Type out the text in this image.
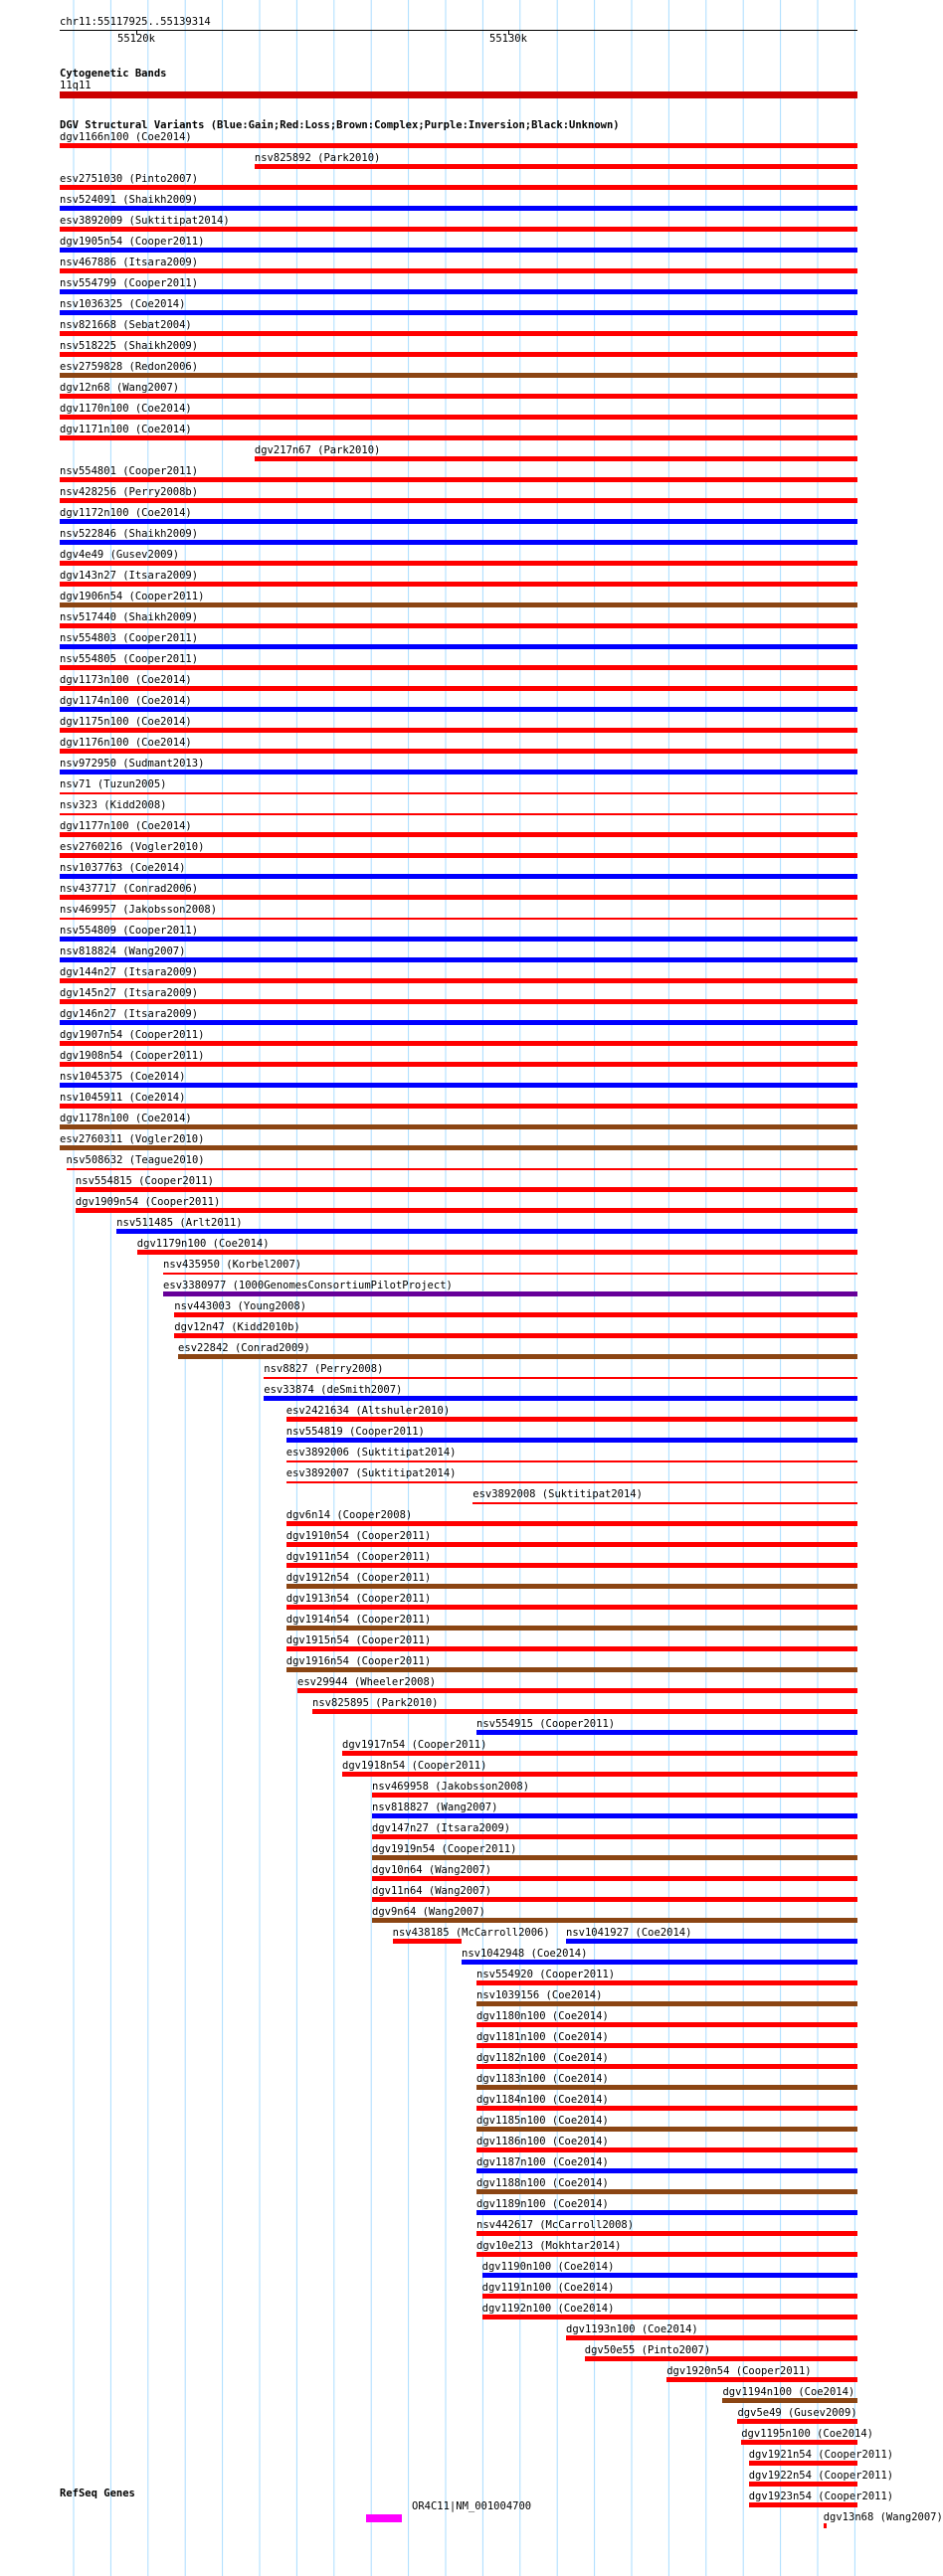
chr11:55117925..55139314
55120k	55130k
Cytogenetic Bands
11q11
DGV Structural Variants (Blue:Gain;Red:Loss;Brown:Complex;Purple:Inversion;Black:Unknown)
dgv1166n100 (Coe2014)
nsv825892 (Park2010)
esv2751030 (Pinto2007)
nsv524091 (Shaikh2009)
esv3892009 (Suktitipat2014)
dgv1905n54 (Cooper2011)
nsv467886 (Itsara2009)
nsv554799 (Cooper2011)
nsv1036325 (Coe2014)
nsv821668 (Sebat2004)
nsv518225 (Shaikh2009)
esv2759828 (Redon2006)
dgv12n68 (Wang2007)
dgv1170n100 (Coe2014)
dgv1171n100 (Coe2014)
dgv217n67 (Park2010)
nsv554801 (Cooper2011)
nsv428256 (Perry2008b)
dgv1172n100 (Coe2014)
nsv522846 (Shaikh2009)
dgv4e49 (Gusev2009)
dgv143n27 (Itsara2009)
dgv1906n54 (Cooper2011)
nsv517440 (Shaikh2009)
nsv554803 (Cooper2011)
nsv554805 (Cooper2011)
dgv1173n100 (Coe2014)
dgv1174n100 (Coe2014)
dgv1175n100 (Coe2014)
dgv1176n100 (Coe2014)
nsv972950 (Sudmant2013)
nsv71 (Tuzun2005)
nsv323 (Kidd2008)
dgv1177n100 (Coe2014)
esv2760216 (Vogler2010)
nsv1037763 (Coe2014)
nsv437717 (Conrad2006)
nsv469957 (Jakobsson2008)
nsv554809 (Cooper2011)
nsv818824 (Wang2007)
dgv144n27 (Itsara2009)
dgv145n27 (Itsara2009)
dgv146n27 (Itsara2009)
dgv1907n54 (Cooper2011)
dgv1908n54 (Cooper2011)
nsv1045375 (Coe2014)
nsv1045911 (Coe2014)
dgv1178n100 (Coe2014)
esv2760311 (Vogler2010)
nsv508632 (Teague2010)
nsv554815 (Cooper2011)
dgv1909n54 (Cooper2011)
nsv511485 (Arlt2011)
dgv1179n100 (Coe2014)
nsv435950 (Korbel2007)
esv3380977 (1000GenomesConsortiumPilotProject)
nsv443003 (Young2008)
dgv12n47 (Kidd2010b)
esv22842 (Conrad2009)
nsv8827 (Perry2008)
esv33874 (deSmith2007)
esv2421634 (Altshuler2010)
nsv554819 (Cooper2011)
esv3892006 (Suktitipat2014)
esv3892007 (Suktitipat2014)
esv3892008 (Suktitipat2014)
dgv6n14 (Cooper2008)
dgv1910n54 (Cooper2011)
dgv1911n54 (Cooper2011)
dgv1912n54 (Cooper2011)
dgv1913n54 (Cooper2011)
dgv1914n54 (Cooper2011)
dgv1915n54 (Cooper2011)
dgv1916n54 (Cooper2011)
esv29944 (Wheeler2008)
nsv825895 (Park2010)
nsv554915 (Cooper2011)
dgv1917n54 (Cooper2011)
dgv1918n54 (Cooper2011)
nsv469958 (Jakobsson2008)
nsv818827 (Wang2007)
dgv147n27 (Itsara2009)
dgv1919n54 (Cooper2011)
dgv10n64 (Wang2007)
dgv11n64 (Wang2007)
dgv9n64 (Wang2007)
nsv438185 (McCarroll2006)
nsv1042948 (Coe2014)
nsv554920 (Cooper2011)
nsv1039156 (Coe2014)
dgv1180n100 (Coe2014)
dgv1181n100 (Coe2014)
dgv1182n100 (Coe2014)
dgv1183n100 (Coe2014)
dgv1184n100 (Coe2014)
dgv1185n100 (Coe2014)
dgv1186n100 (Coe2014)
dgv1187n100 (Coe2014)
dgv1188n100 (Coe2014)
dgv1189n100 (Coe2014)
nsv442617 (McCarroll2008)
dgv10e213 (Mokhtar2014)
dgv1190n100 (Coe2014)
dgv1191n100 (Coe2014)
dgv1192n100 (Coe2014)
nsv1041927 (Coe2014)
dgv1193n100 (Coe2014)
dgv50e55 (Pinto2007)
dgv1920n54 (Cooper2011)
dgv1194n100 (Coe2014)
dgv5e49 (Gusev2009)
dgv1195n100 (Coe2014)
dgv1921n54 (Cooper2011)
dgv1922n54 (Cooper2011)
dgv1923n54 (Cooper2011)
dgv13n68 (Wang2007)
RefSeq Genes
OR4C11|NM_001004700
